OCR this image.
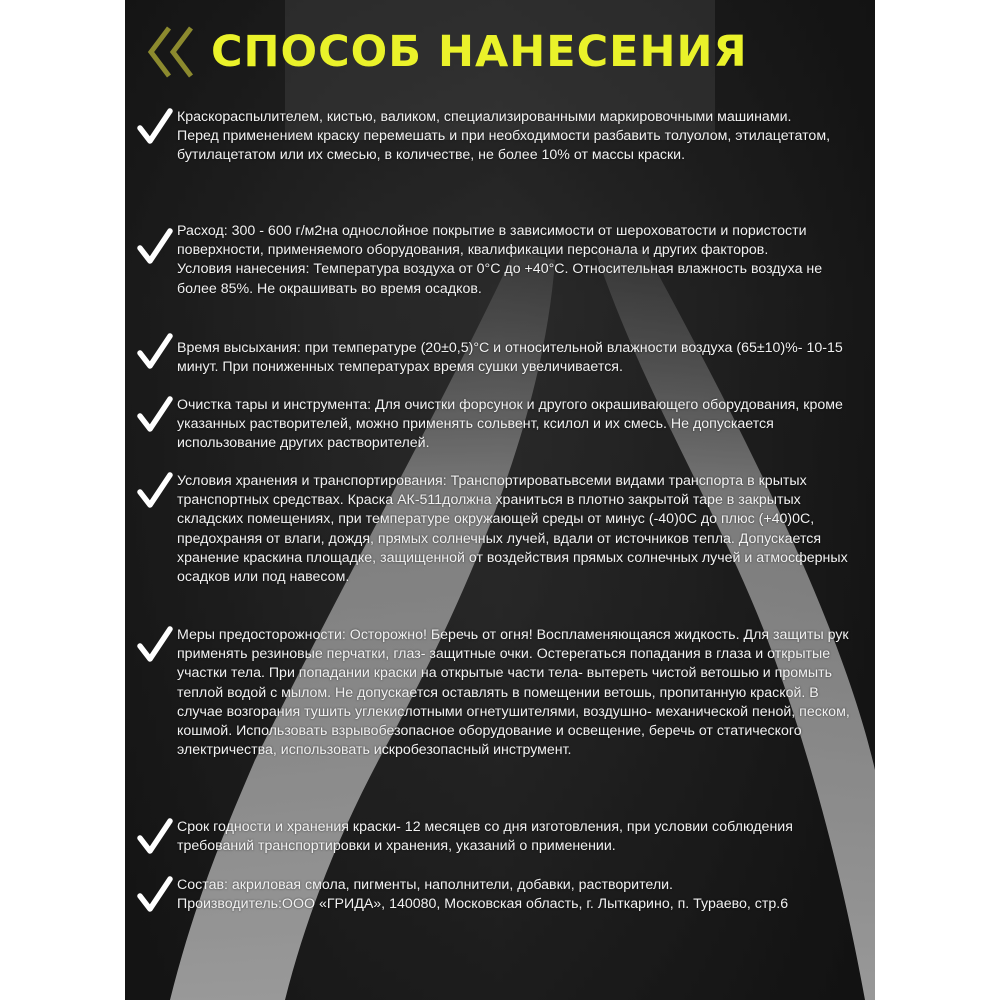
СПОСОБ НАНЕСЕНИЯ

Краскораспылителем, кистью, валиком, специализированными маркировочными машинами.

Перед применением краску перемешать и при необходимости разбавить толуолом, этилацетатом, бутилацетатом или их смесью, в количестве, не более 10% от массы краски.

Расход: 300 - 600 г/м2на однослойное покрытие в зависимости от шероховатости и пористости поверхности, применяемого оборудования, квалификации персонала и других факторов.

Условия нанесения: Температура воздуха от 0°С до +40°С. Относительная влажность воздуха не более 85%. Не окрашивать во время осадков.

Время высыхания: при температуре (20±0,5)°С и относительной влажности воздуха (65±10)%- 10-15 минут. При пониженных температурах время сушки увеличивается.

Очистка тары и инструмента: Для очистки форсунок и другого окрашивающего оборудования, кроме указанных растворителей, можно применять сольвент, ксилол и их смесь. Не допускается использование других растворителей.

Условия хранения и транспортирования: Транспортироватьвсеми видами транспорта в крытых транспортных средствах. Краска АК-511должна храниться в плотно закрытой таре в закрытых складских помещениях, при температуре окружающей среды от минус (-40)0С до плюс (+40)0С, предохраняя от влаги, дождя, прямых солнечных лучей, вдали от источников тепла. Допускается хранение краскина площадке, защищенной от воздействия прямых солнечных лучей и атмосферных осадков или под навесом.

Меры предосторожности: Осторожно! Беречь от огня! Воспламеняющаяся жидкость. Для защиты рук применять резиновые перчатки, глаз- защитные очки. Остерегаться попадания в глаза и открытые участки тела. При попадании краски на открытые части тела- вытереть чистой ветошью и промыть теплой водой с мылом. Не допускается оставлять в помещении ветошь, пропитанную краской. В случае возгорания тушить углекислотными огнетушителями, воздушно- механической пеной, песком, кошмой. Использовать взрывобезопасное оборудование и освещение, беречь от статического электричества, использовать искробезопасный инструмент.

Срок годности и хранения краски- 12 месяцев со дня изготовления, при условии соблюдения требований транспортировки и хранения, указаний о применении.

Состав: акриловая смола, пигменты, наполнители, добавки, растворители.

Производитель:ООО «ГРИДА», 140080, Московская область, г. Лыткарино, п. Тураево, стр.6
